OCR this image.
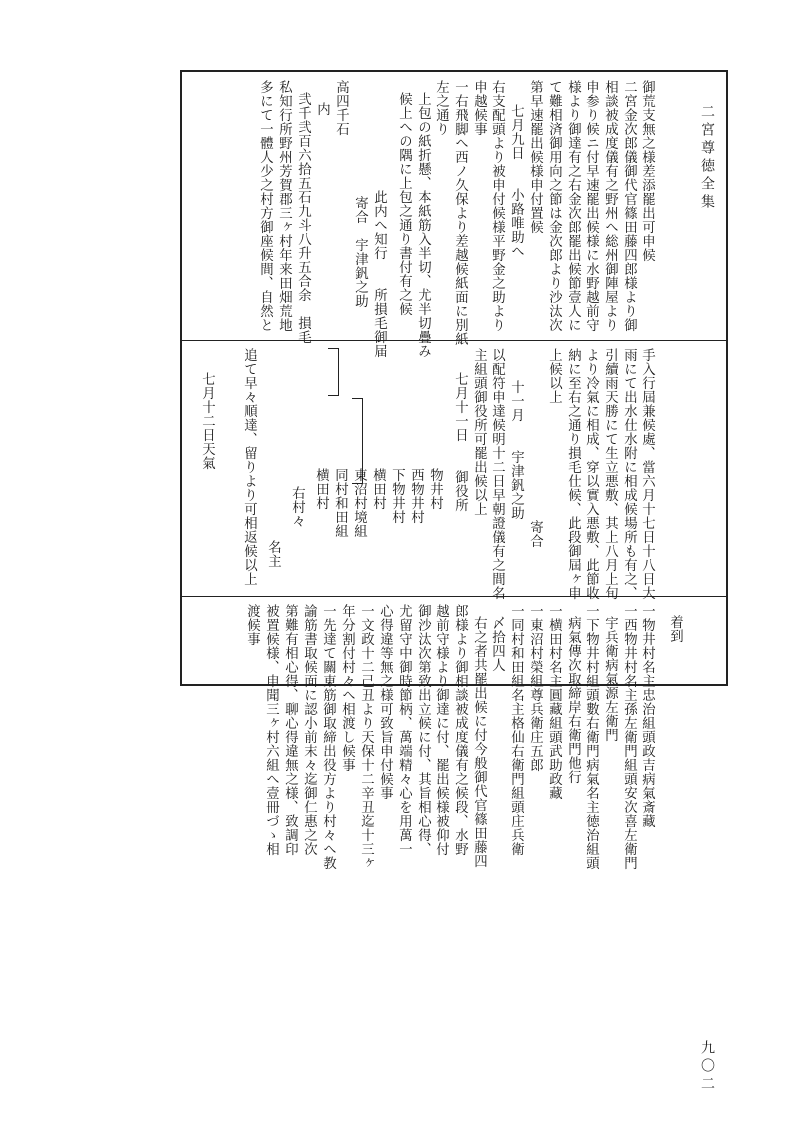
二宮尊徳全集
九〇二
御荒支無之様差添罷出可申候
二宮金次郎儀御代官篠田藤四郎様より御
相談被成度儀有之野州へ総州御陣屋より
申参り候ニ付早速罷出候様に水野越前守
様より御達有之右金次郎罷出候節壹人に
て難相済御用向之節は金次郎より沙汰次
第早速罷出候様申付置候
七月九日　　小路唯助へ
右支配頭より被申付候様平野金之助より
申越候事
一右飛脚へ西ノ久保より差越候紙面に別紙
左之通り
上包の紙折懸、本紙筋入半切、尤半切疊み
候上への隅に上包之通り書付有之候
此内へ知行　　所損毛御届
寄合　宇津釩之助
高四千石
内
弐千弐百六拾五石九斗八升五合余　損毛
私知行所野州芳賀郡三ヶ村年来田畑荒地
多にて一體人少之村方御座候間、自然と
手入行屆兼候處、當六月十七日十八日大
雨にて出水仕水附に相成候場所も有之、
引續雨天勝にて生立悪敷、其上八月上旬
より冷氣に相成、穿以實入悪敷、此節收
納に至右之通り損毛仕候、此段御屆ヶ申
上候以上
寄合
十一月　　宇津釩之助
以配符申達候明十二日早朝證儀有之間名
主組頭御役所可罷出候以上
七月十一日　　御役所
物井村
西物井村
下物井村
横田村
東沼村境組
同村和田組
横田村
右村々
名主
追て早々順達、留りより可相返候以上
七月十二日天氣
着到
一物井村名主忠治組頭政吉病氣斎藏
一西物井村名主孫左衛門組頭安次喜左衛門
宇兵衛病氣源左衛門
一下物井村組頭數右衛門病氣名主徳治組頭
病氣傳次取締岸右衛門他行
一横田村名主圓藏組頭武助政藏
一東沼村榮組尊兵衛庄五郎
一同村和田組名主格仙右衛門組頭庄兵衛
〆拾四人
右之者共罷出候に付今般御代官篠田藤四
郎様より御相談被成度儀有之候段、水野
越前守様より御達に付、罷出候様被仰付
御沙汰次第致出立候に付、其旨相心得、
尤留守中御時節柄、萬端精々心を用萬一
心得違等無之様可致旨申付候事
一文政十二己丑より天保十二辛丑迄十三ヶ
年分割付村々へ相渡し候事
一先達て關東筋御取締出役方より村々へ教
諭筋書取候面に認小前末々迄御仁惠之次
第難有相心得、聊心得違無之様、致調印
被置候様、申聞三ヶ村六組へ壹冊づゝ相
渡候事
